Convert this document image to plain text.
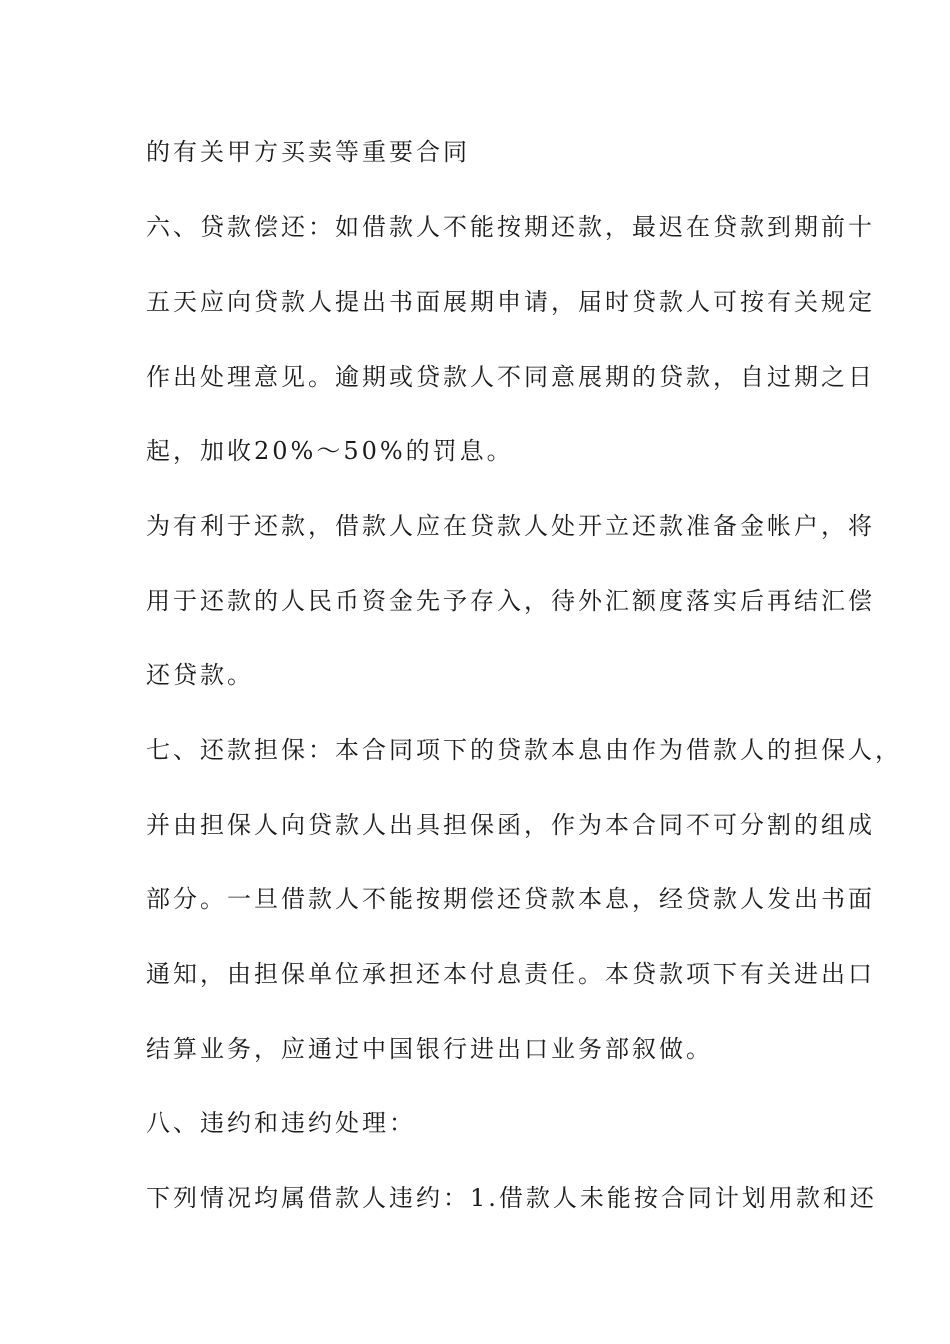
的有关甲方买卖等重要合同
六、贷款偿还：如借款人不能按期还款，最迟在贷款到期前十
五天应向贷款人提出书面展期申请，届时贷款人可按有关规定
作出处理意见。逾期或贷款人不同意展期的贷款，自过期之日
起，加收20%～50%的罚息。
为有利于还款，借款人应在贷款人处开立还款准备金帐户，将
用于还款的人民币资金先予存入，待外汇额度落实后再结汇偿
还贷款。
七、还款担保：本合同项下的贷款本息由作为借款人的担保人，
并由担保人向贷款人出具担保函，作为本合同不可分割的组成
部分。一旦借款人不能按期偿还贷款本息，经贷款人发出书面
通知，由担保单位承担还本付息责任。本贷款项下有关进出口
结算业务，应通过中国银行进出口业务部叙做。
八、违约和违约处理：
下列情况均属借款人违约：1.借款人未能按合同计划用款和还
